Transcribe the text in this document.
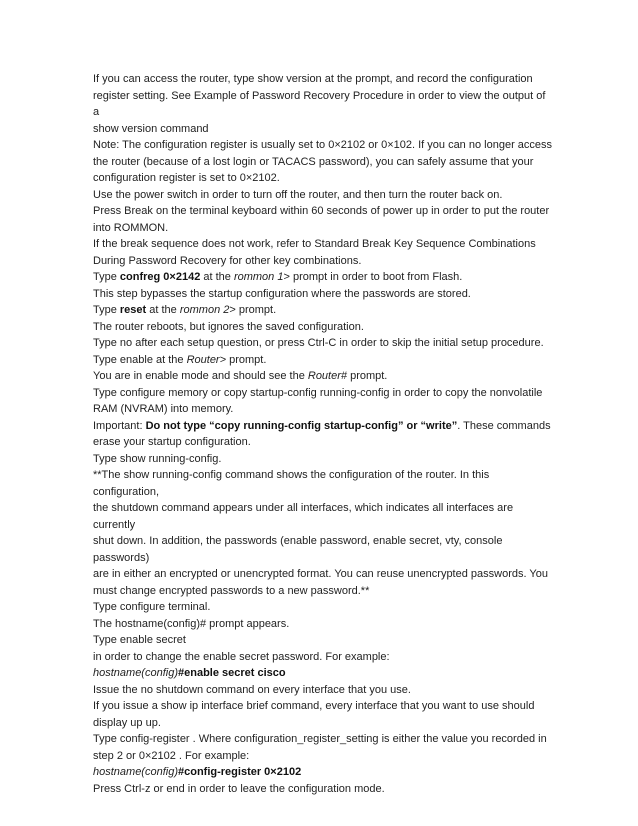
If you can access the router, type show version at the prompt, and record the configuration
register setting. See Example of Password Recovery Procedure in order to view the output of a
show version command
Note: The configuration register is usually set to 0×2102 or 0×102. If you can no longer access
the router (because of a lost login or TACACS password), you can safely assume that your
configuration register is set to 0×2102.
Use the power switch in order to turn off the router, and then turn the router back on.
Press Break on the terminal keyboard within 60 seconds of power up in order to put the router
into ROMMON.
If the break sequence does not work, refer to Standard Break Key Sequence Combinations
During Password Recovery for other key combinations.
Type confreg 0×2142 at the rommon 1> prompt in order to boot from Flash.
This step bypasses the startup configuration where the passwords are stored.
Type reset at the rommon 2> prompt.
The router reboots, but ignores the saved configuration.
Type no after each setup question, or press Ctrl-C in order to skip the initial setup procedure.
Type enable at the Router> prompt.
You are in enable mode and should see the Router# prompt.
Type configure memory or copy startup-config running-config in order to copy the nonvolatile
RAM (NVRAM) into memory.
Important: Do not type “copy running-config startup-config” or “write”. These commands
erase your startup configuration.
Type show running-config.
**The show running-config command shows the configuration of the router. In this configuration,
the shutdown command appears under all interfaces, which indicates all interfaces are currently
shut down. In addition, the passwords (enable password, enable secret, vty, console passwords)
are in either an encrypted or unencrypted format. You can reuse unencrypted passwords. You
must change encrypted passwords to a new password.**
Type configure terminal.
The hostname(config)# prompt appears.
Type enable secret
in order to change the enable secret password. For example:
hostname(config)#enable secret cisco
Issue the no shutdown command on every interface that you use.
If you issue a show ip interface brief command, every interface that you want to use should
display up up.
Type config-register . Where configuration_register_setting is either the value you recorded in
step 2 or 0×2102 . For example:
hostname(config)#config-register 0×2102
Press Ctrl-z or end in order to leave the configuration mode.
